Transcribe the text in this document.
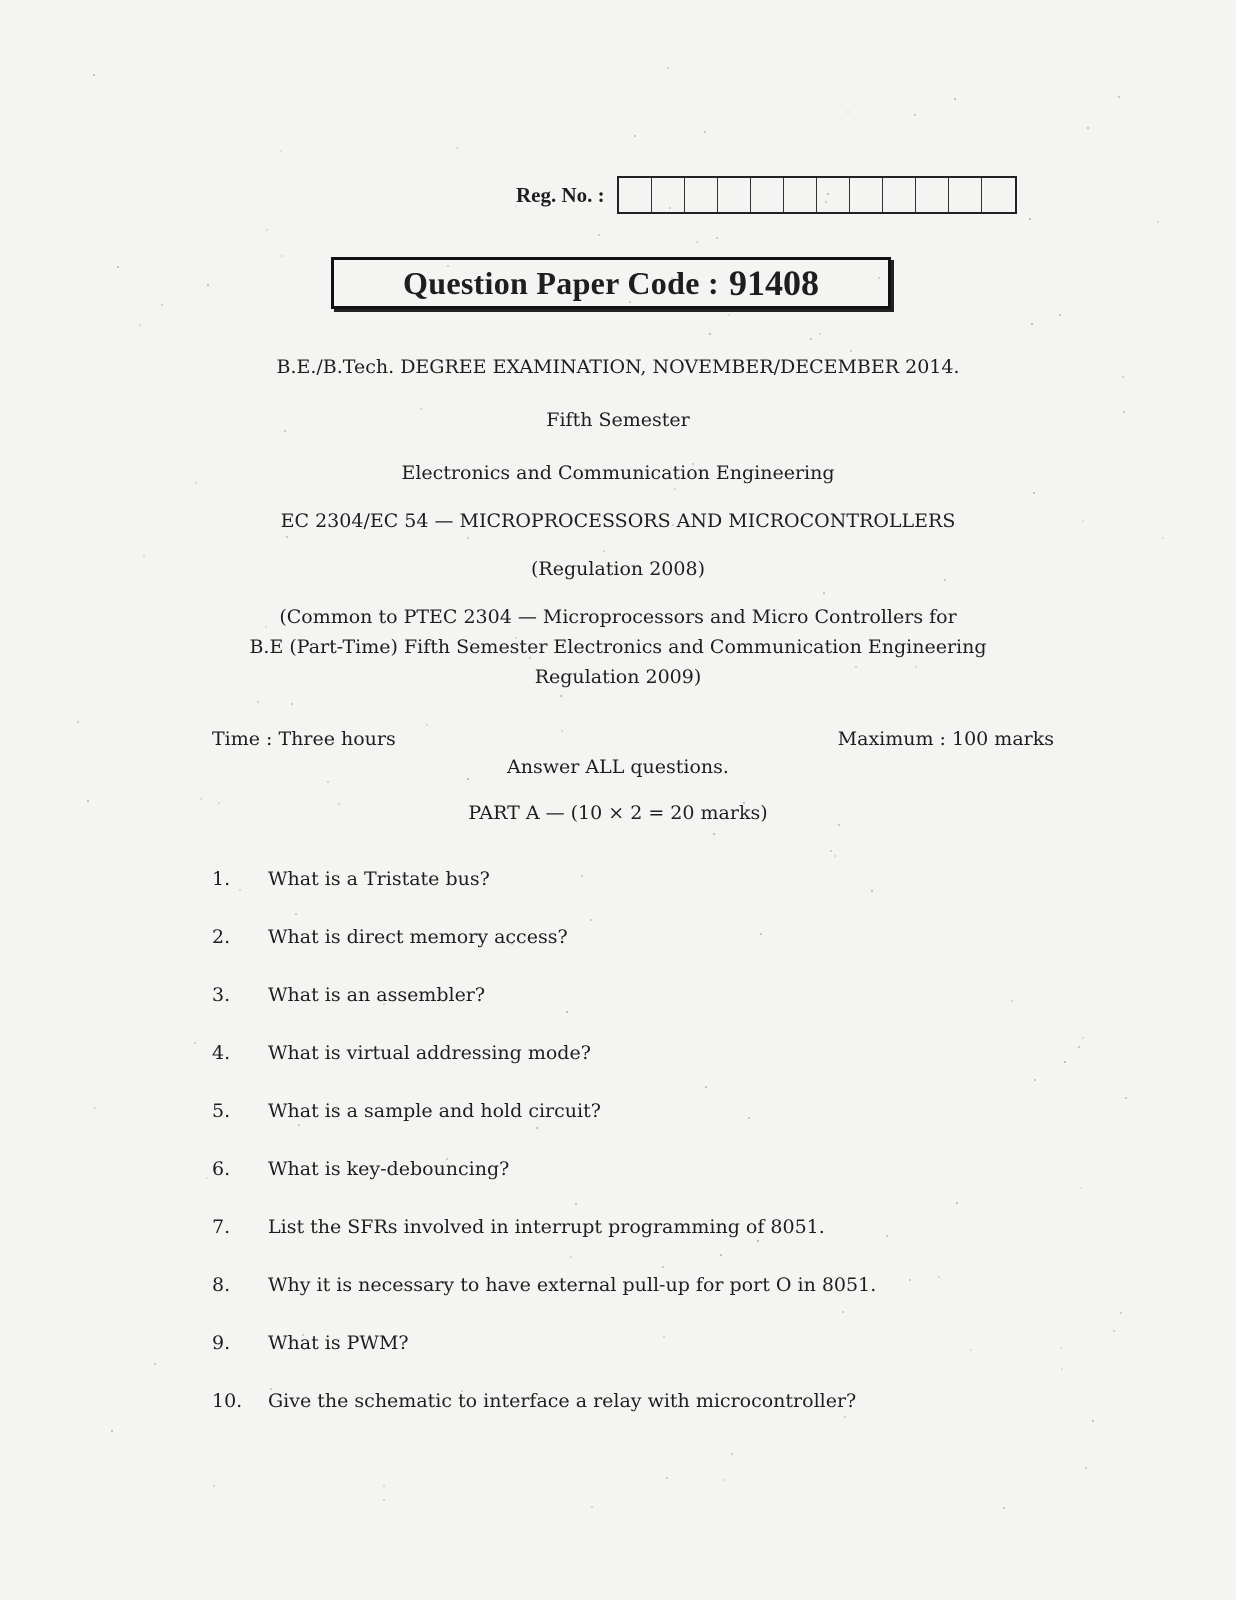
Reg. No. :
Question Paper Code : 91408
B.E./B.Tech. DEGREE EXAMINATION, NOVEMBER/DECEMBER 2014.
Fifth Semester
Electronics and Communication Engineering
EC 2304/EC 54 — MICROPROCESSORS AND MICROCONTROLLERS
(Regulation 2008)
(Common to PTEC 2304 — Microprocessors and Micro Controllers for
B.E (Part-Time) Fifth Semester Electronics and Communication Engineering
Regulation 2009)
Time : Three hours	Maximum : 100 marks
Answer ALL questions.
PART A — (10 × 2 = 20 marks)
1.	What is a Tristate bus?
2.	What is direct memory access?
3.	What is an assembler?
4.	What is virtual addressing mode?
5.	What is a sample and hold circuit?
6.	What is key-debouncing?
7.	List the SFRs involved in interrupt programming of 8051.
8.	Why it is necessary to have external pull-up for port O in 8051.
9.	What is PWM?
10.	Give the schematic to interface a relay with microcontroller?
